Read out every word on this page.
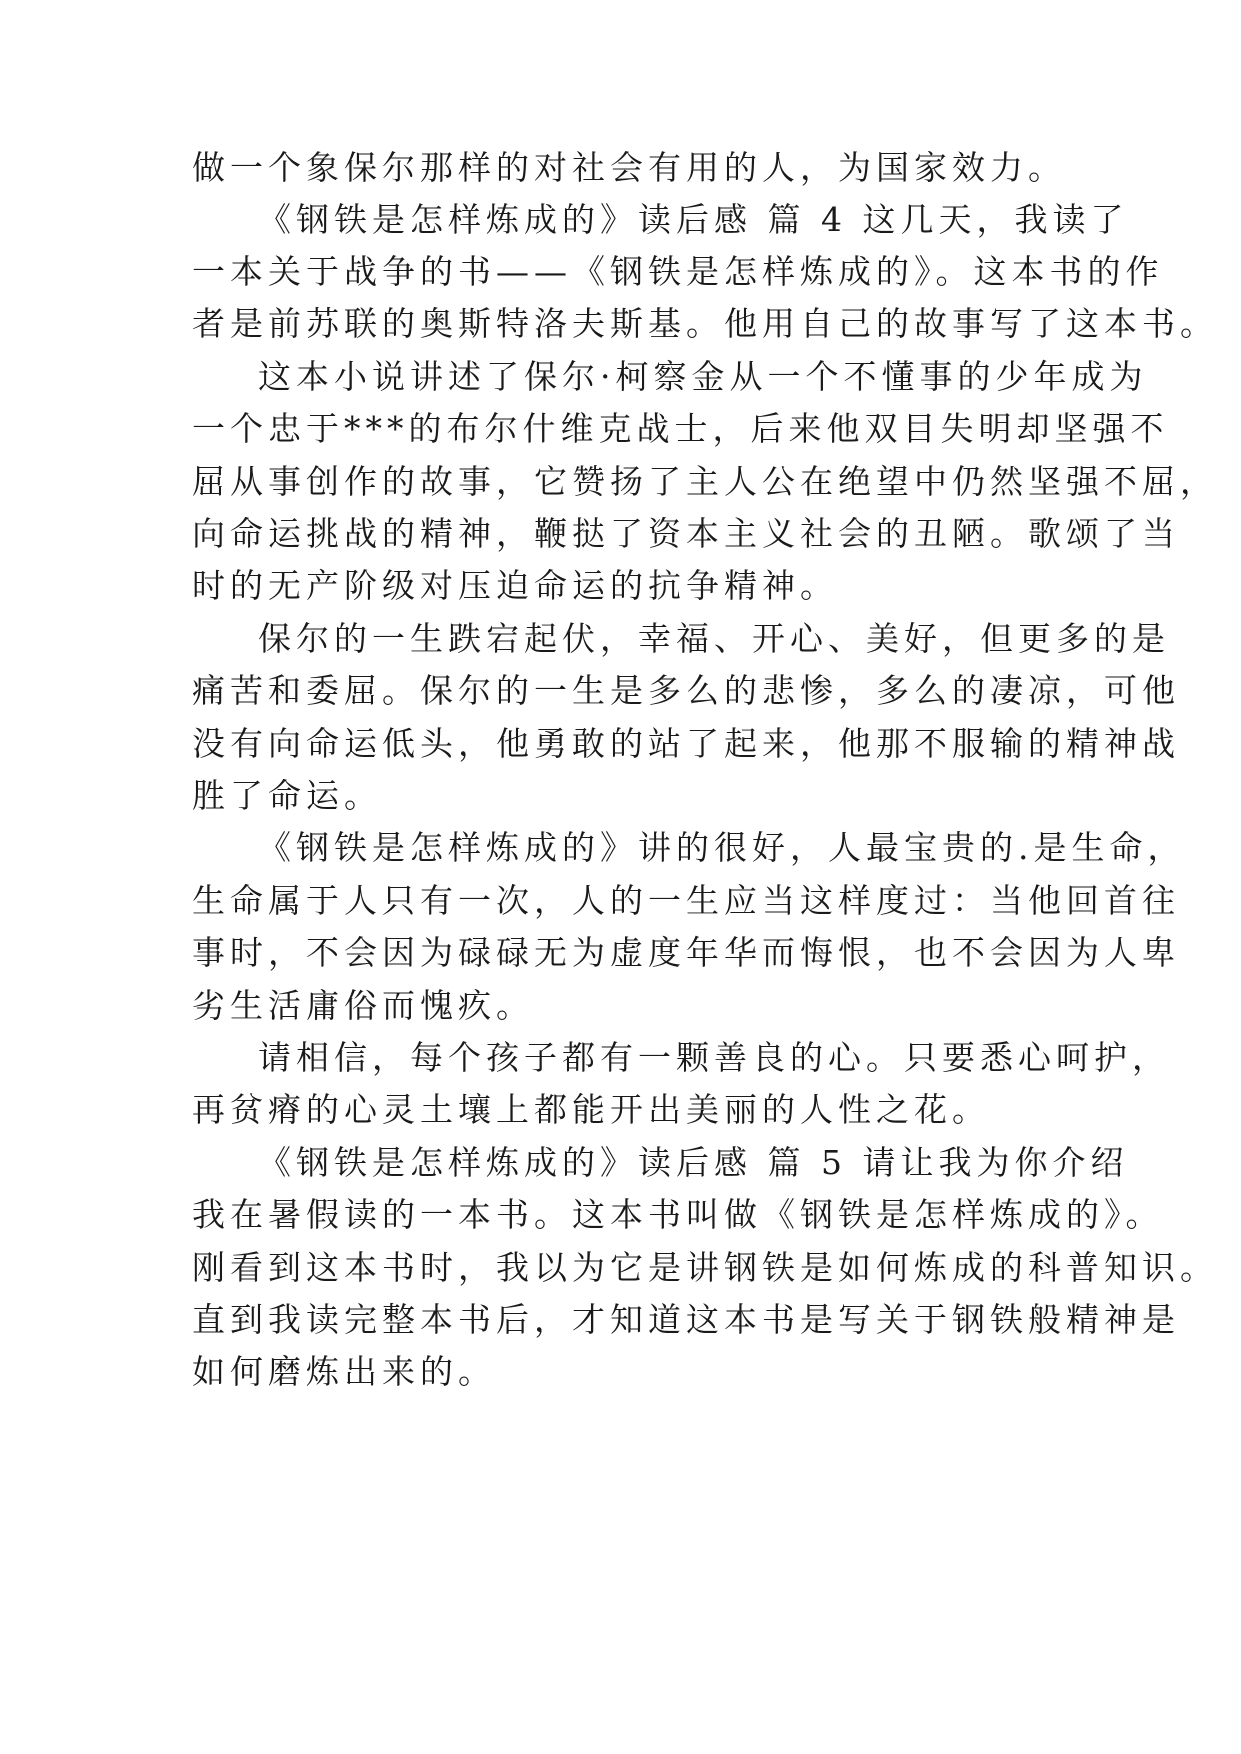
做一个象保尔那样的对社会有用的人，为国家效力。
《钢铁是怎样炼成的》读后感 篇 4 这几天，我读了
一本关于战争的书——《钢铁是怎样炼成的》。这本书的作
者是前苏联的奥斯特洛夫斯基。他用自己的故事写了这本书。
这本小说讲述了保尔·柯察金从一个不懂事的少年成为
一个忠于***的布尔什维克战士，后来他双目失明却坚强不
屈从事创作的故事，它赞扬了主人公在绝望中仍然坚强不屈，
向命运挑战的精神，鞭挞了资本主义社会的丑陋。歌颂了当
时的无产阶级对压迫命运的抗争精神。
保尔的一生跌宕起伏，幸福、开心、美好，但更多的是
痛苦和委屈。保尔的一生是多么的悲惨，多么的凄凉，可他
没有向命运低头，他勇敢的站了起来，他那不服输的精神战
胜了命运。
《钢铁是怎样炼成的》讲的很好，人最宝贵的.是生命，
生命属于人只有一次，人的一生应当这样度过：当他回首往
事时，不会因为碌碌无为虚度年华而悔恨，也不会因为人卑
劣生活庸俗而愧疚。
请相信，每个孩子都有一颗善良的心。只要悉心呵护，
再贫瘠的心灵土壤上都能开出美丽的人性之花。
《钢铁是怎样炼成的》读后感 篇 5 请让我为你介绍
我在暑假读的一本书。这本书叫做《钢铁是怎样炼成的》。
刚看到这本书时，我以为它是讲钢铁是如何炼成的科普知识。
直到我读完整本书后，才知道这本书是写关于钢铁般精神是
如何磨炼出来的。
